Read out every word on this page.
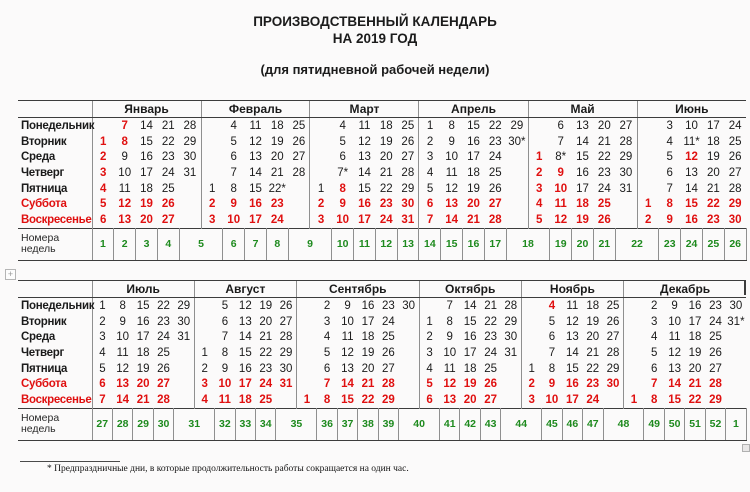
ПРОИЗВОДСТВЕННЫЙ КАЛЕНДАРЬ
НА 2019 ГОД
(для пятидневной рабочей недели)
+
	Январь					Февраль					Март					Апрель					Май					Июнь				
Понедельник		7	14	21	28		4	11	18	25		4	11	18	25	1	8	15	22	29		6	13	20	27		3	10	17	24
Вторник	1	8	15	22	29		5	12	19	26		5	12	19	26	2	9	16	23	30*		7	14	21	28		4	11*	18	25
Среда	2	9	16	23	30		6	13	20	27		6	13	20	27	3	10	17	24		1	8*	15	22	29		5	12	19	26
Четверг	3	10	17	24	31		7	14	21	28		7*	14	21	28	4	11	18	25		2	9	16	23	30		6	13	20	27
Пятница	4	11	18	25		1	8	15	22*		1	8	15	22	29	5	12	19	26		3	10	17	24	31		7	14	21	28
Суббота	5	12	19	26		2	9	16	23		2	9	16	23	30	6	13	20	27		4	11	18	25		1	8	15	22	29
Воскресенье	6	13	20	27		3	10	17	24		3	10	17	24	31	7	14	21	28		5	12	19	26		2	9	16	23	30

Номера
недель	1	2	3	4	5		6	7	8	9		10	11	12	13	14	15	16	17	18		19	20	21	22		23	24	25	26
	Июль					Август					Сентябрь						Октябрь					Ноябрь					Декабрь					
Понедельник	1	8	15	22	29		5	12	19	26		2	9	16	23	30		7	14	21	28		4	11	18	25		2	9	16	23	30
Вторник	2	9	16	23	30		6	13	20	27		3	10	17	24		1	8	15	22	29		5	12	19	26		3	10	17	24	31*
Среда	3	10	17	24	31		7	14	21	28		4	11	18	25		2	9	16	23	30		6	13	20	27		4	11	18	25	
Четверг	4	11	18	25		1	8	15	22	29		5	12	19	26		3	10	17	24	31		7	14	21	28		5	12	19	26	
Пятница	5	12	19	26		2	9	16	23	30		6	13	20	27		4	11	18	25		1	8	15	22	29		6	13	20	27	
Суббота	6	13	20	27		3	10	17	24	31		7	14	21	28		5	12	19	26		2	9	16	23	30		7	14	21	28	
Воскресенье	7	14	21	28		4	11	18	25		1	8	15	22	29		6	13	20	27		3	10	17	24		1	8	15	22	29	

Номера
недель	27	28	29	30	31		32	33	34	35		36	37	38	39	40		41	42	43	44		45	46	47	48		49	50	51	52	1
* Предпраздничные дни, в которые продолжительность работы сокращается на один час.
